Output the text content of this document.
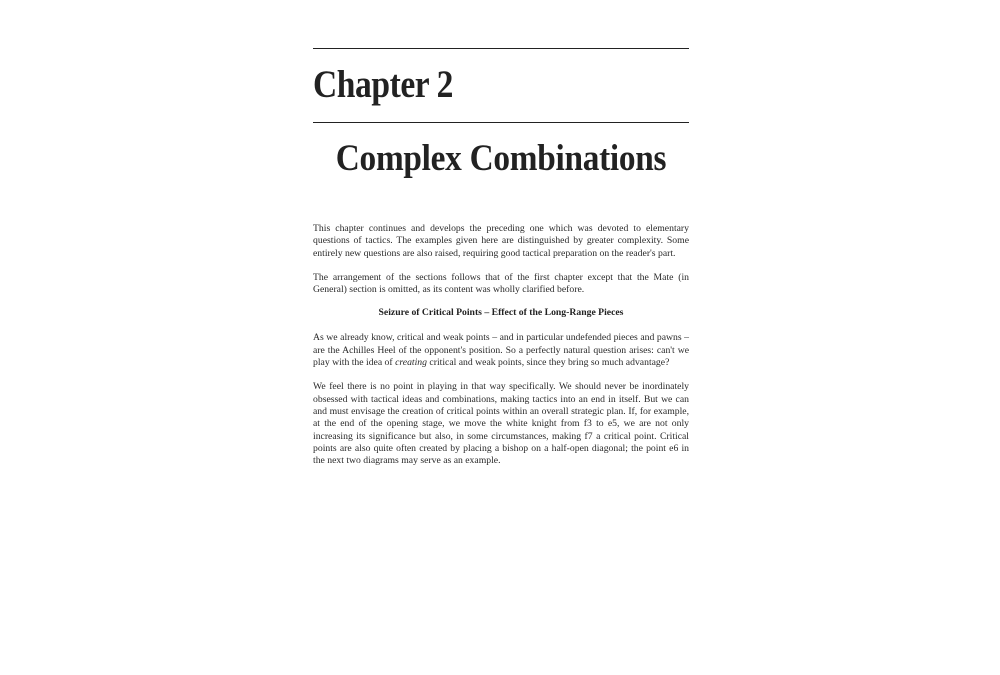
Chapter 2
Complex Combinations

This chapter continues and develops the preceding one which was devoted to elementary questions of tactics. The examples given here are distinguished by greater complexity. Some entirely new questions are also raised, requiring good tactical preparation on the reader's part.

The arrangement of the sections follows that of the first chapter except that the Mate (in General) section is omitted, as its content was wholly clarified before.

Seizure of Critical Points – Effect of the Long-Range Pieces

As we already know, critical and weak points – and in particular undefended pieces and pawns – are the Achilles Heel of the opponent's position. So a perfectly natural question arises: can't we play with the idea of creating critical and weak points, since they bring so much advantage?

We feel there is no point in playing in that way specifically. We should never be inordinately obsessed with tactical ideas and combinations, making tactics into an end in itself. But we can and must envisage the creation of critical points within an overall strategic plan. If, for example, at the end of the opening stage, we move the white knight from f3 to e5, we are not only increasing its significance but also, in some circumstances, making f7 a critical point. Critical points are also quite often created by placing a bishop on a half-open diagonal; the point e6 in the next two diagrams may serve as an example.
